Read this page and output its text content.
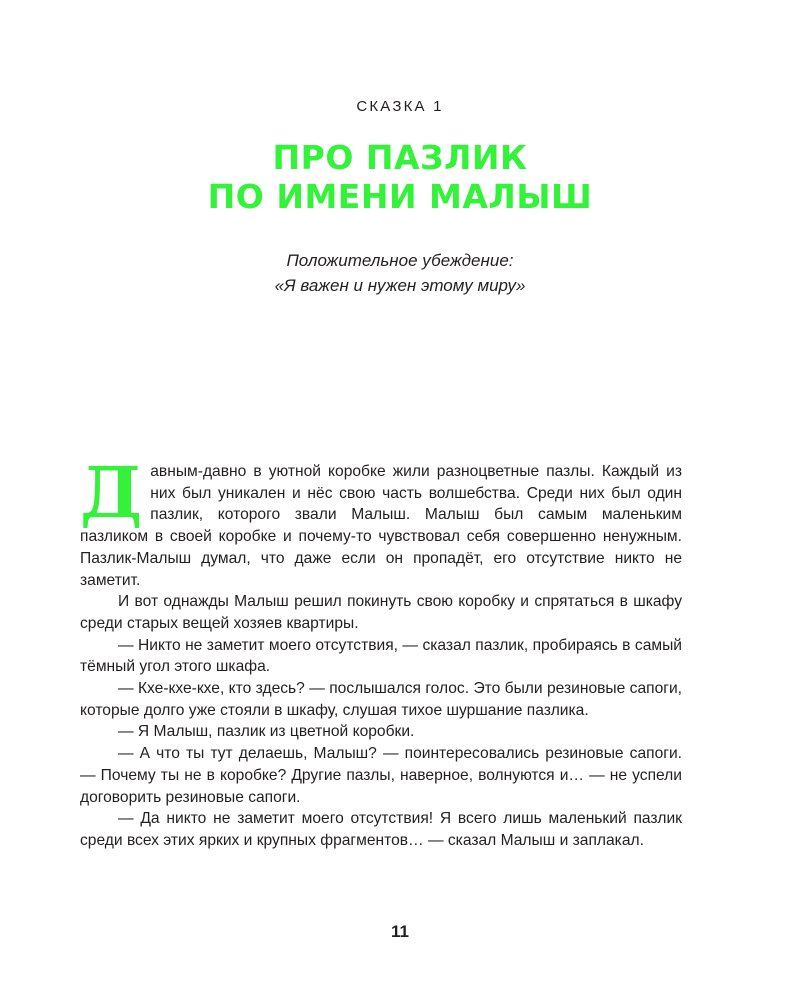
СКАЗКА 1
ПРО ПАЗЛИК
ПО ИМЕНИ МАЛЫШ
Положительное убеждение:
«Я важен и нужен этому миру»

Давным-давно в уютной коробке жили разноцветные пазлы. Каждый из них был уникален и нёс свою часть волшебства. Среди них был один пазлик, которого звали Малыш. Малыш был самым маленьким пазликом в своей коробке и почему-то чувствовал себя совершенно ненужным. Пазлик-Малыш думал, что даже если он пропадёт, его отсутствие никто не заметит.

И вот однажды Малыш решил покинуть свою коробку и спрятаться в шкафу среди старых вещей хозяев квартиры.

— Никто не заметит моего отсутствия, — сказал пазлик, пробираясь в самый тёмный угол этого шкафа.

— Кхе-кхе-кхе, кто здесь? — послышался голос. Это были резиновые сапоги, которые долго уже стояли в шкафу, слушая тихое шуршание пазлика.

— Я Малыш, пазлик из цветной коробки.

— А что ты тут делаешь, Малыш? — поинтересовались резиновые сапоги. — Почему ты не в коробке? Другие пазлы, наверное, волнуются и… — не успели договорить резиновые сапоги.

— Да никто не заметит моего отсутствия! Я всего лишь маленький пазлик среди всех этих ярких и крупных фрагментов… — сказал Малыш и заплакал.

11
